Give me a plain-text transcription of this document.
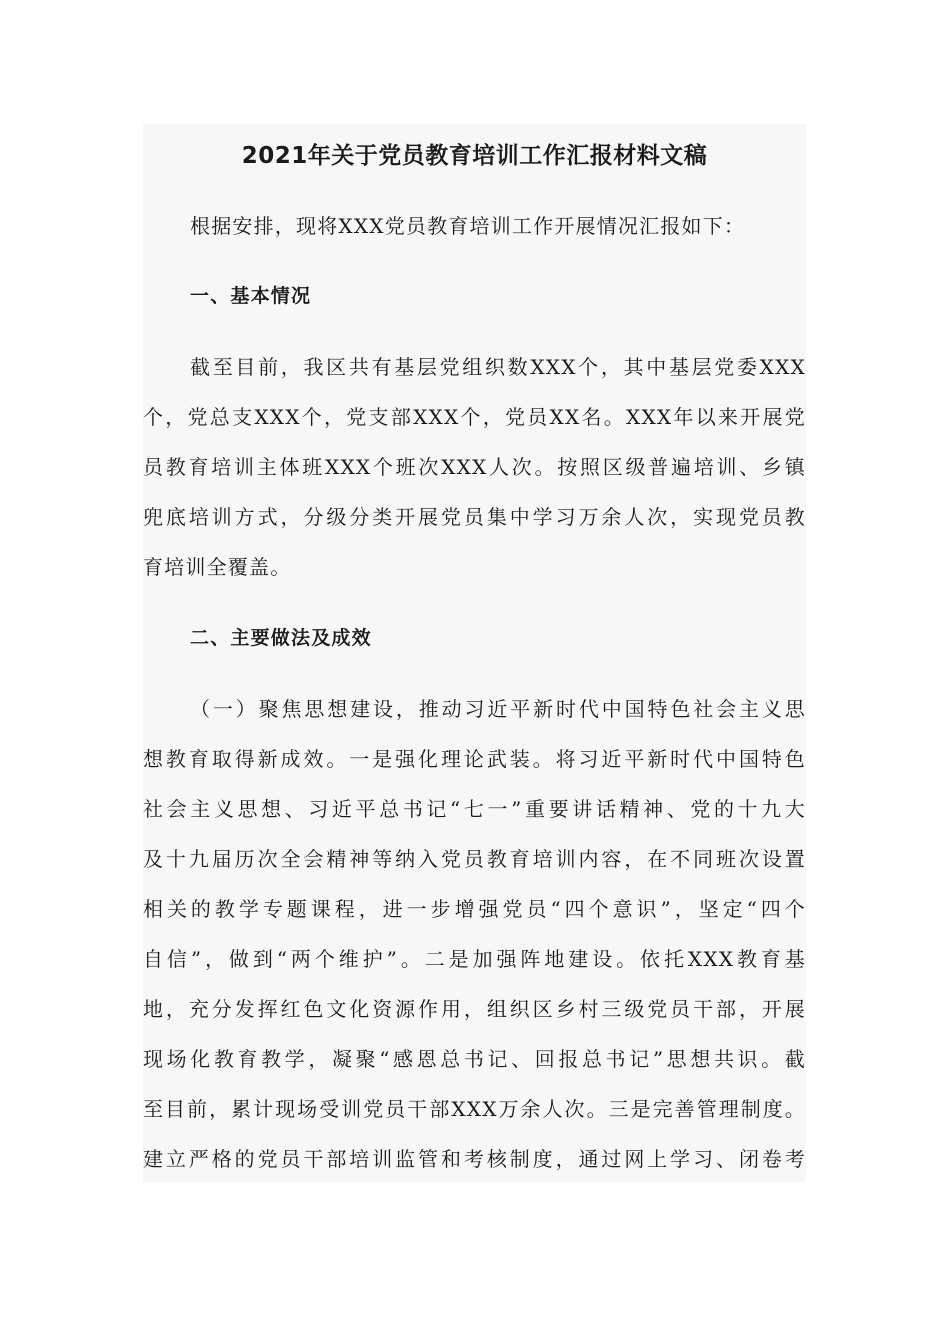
2021年关于党员教育培训工作汇报材料文稿

根据安排，现将XXX党员教育培训工作开展情况汇报如下：

一、基本情况

截至目前，我区共有基层党组织数XXX个，其中基层党委XXX

个，党总支XXX个，党支部XXX个，党员XX名。XXX年以来开展党

员教育培训主体班XXX个班次XXX人次。按照区级普遍培训、乡镇

兜底培训方式，分级分类开展党员集中学习万余人次，实现党员教

育培训全覆盖。

二、主要做法及成效

（一）聚焦思想建设，推动习近平新时代中国特色社会主义思

想教育取得新成效。一是强化理论武装。将习近平新时代中国特色

社会主义思想、习近平总书记“七一”重要讲话精神、党的十九大

及十九届历次全会精神等纳入党员教育培训内容，在不同班次设置

相关的教学专题课程，进一步增强党员“四个意识”，坚定“四个

自信”，做到“两个维护”。二是加强阵地建设。依托XXX教育基

地，充分发挥红色文化资源作用，组织区乡村三级党员干部，开展

现场化教育教学，凝聚“感恩总书记、回报总书记”思想共识。截

至目前，累计现场受训党员干部XXX万余人次。三是完善管理制度。

建立严格的党员干部培训监管和考核制度，通过网上学习、闭卷考
